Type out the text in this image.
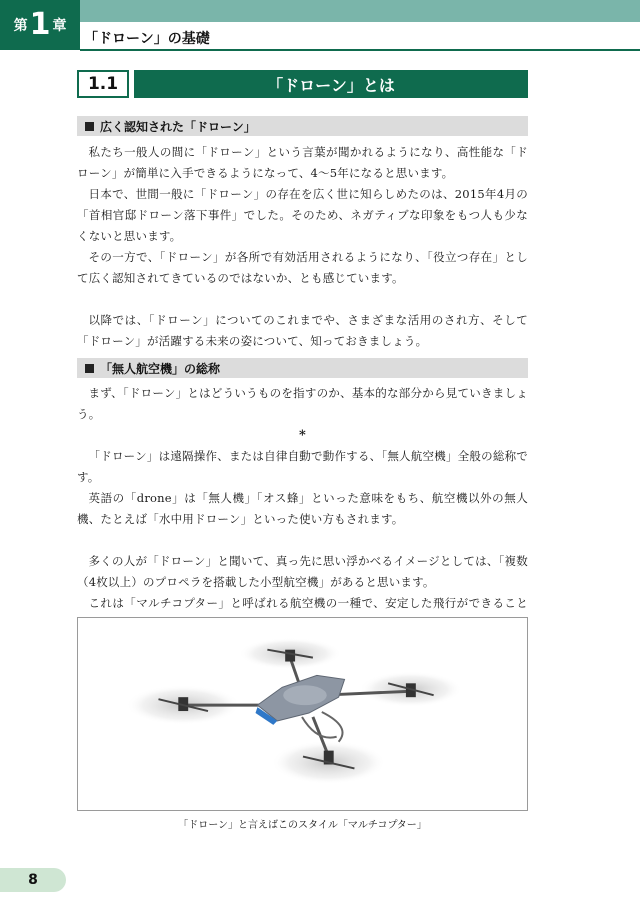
第 1 章
「ドローン」の基礎
1.1	「ドローン」とは
広く認知された「ドローン」

私たち一般人の間に「ドローン」という言葉が聞かれるようになり、高性能な「ドローン」が簡単に入手できるようになって、4～5年になると思います。

日本で、世間一般に「ドローン」の存在を広く世に知らしめたのは、2015年4月の「首相官邸ドローン落下事件」でした。そのため、ネガティブな印象をもつ人も少なくないと思います。

その一方で、「ドローン」が各所で有効活用されるようになり、「役立つ存在」として広く認知されてきているのではないか、とも感じています。

以降では、「ドローン」についてのこれまでや、さまざまな活用のされ方、そして「ドローン」が活躍する未来の姿について、知っておきましょう。

「無人航空機」の総称

まず、「ドローン」とはどういうものを指すのか、基本的な部分から見ていきましょう。

*

「ドローン」は遠隔操作、または自律自動で動作する、「無人航空機」全般の総称です。

英語の「drone」は「無人機」「オス蜂」といった意味をもち、航空機以外の無人機、たとえば「水中用ドローン」といった使い方もされます。

多くの人が「ドローン」と聞いて、真っ先に思い浮かべるイメージとしては、「複数（4枚以上）のプロペラを搭載した小型航空機」があると思います。

これは「マルチコプター」と呼ばれる航空機の一種で、安定した飛行ができること

「ドローン」と言えばこのスタイル「マルチコプター」
8
